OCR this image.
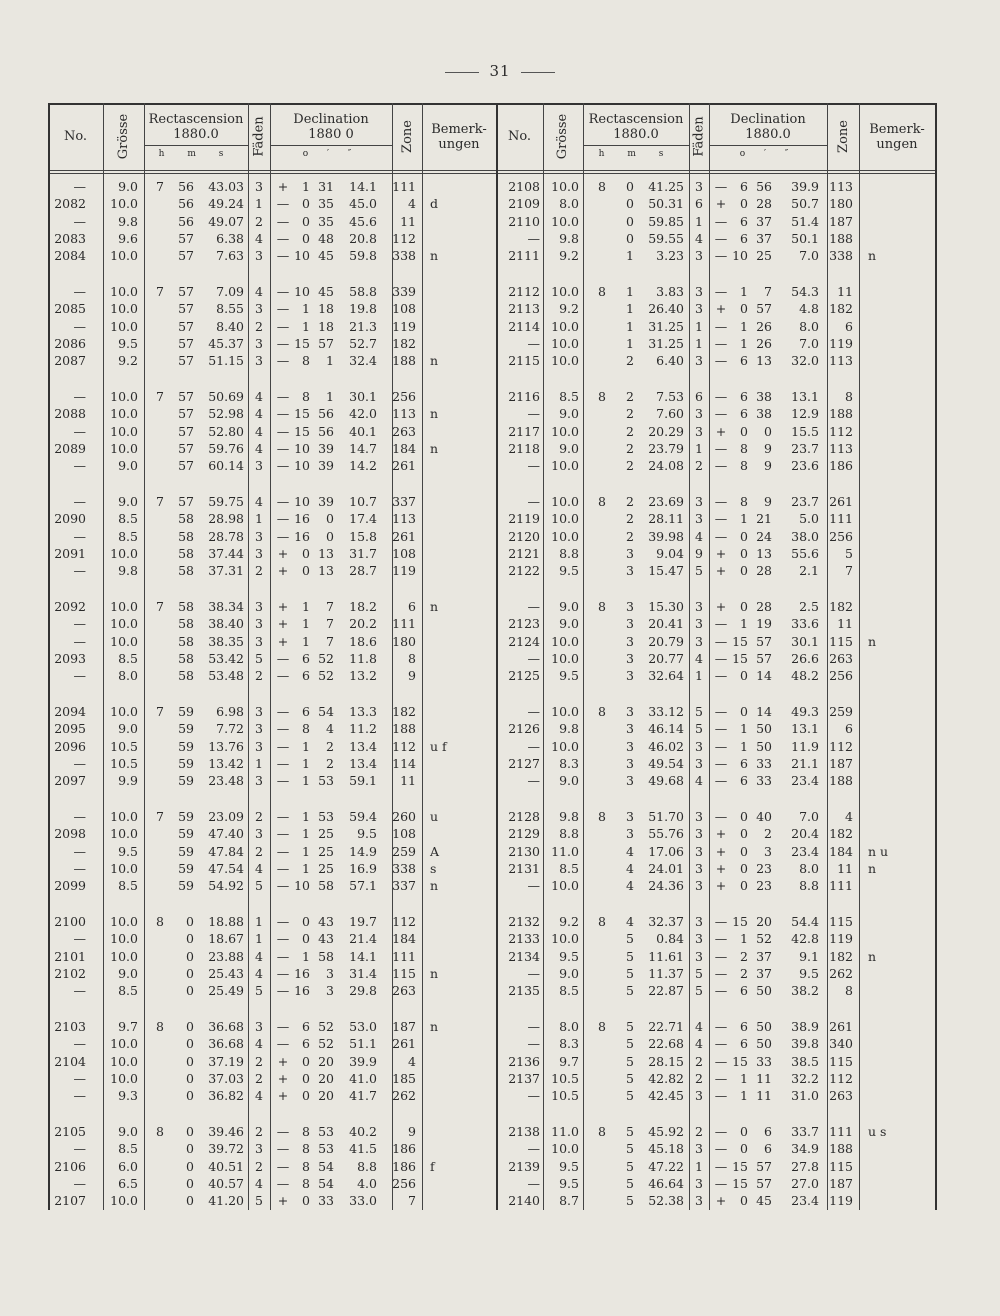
31
No. Grösse Rectascension
1880.0
h m s	Fäden Declination
1880 0
o ′ ″
Zone Bemerk-
ungen No. Grösse Rectascension
1880.0
h m s	Fäden Declination
1880.0
o ′ ″
Zone Bemerk-
ungen
—	9.0	7	56	43.03 3	+	1 31	14.1	111
2082	10.0	56	49.24 1	—	0 35	45.0	4 d
—	9.8	56	49.07 2	—	0 35	45.6	11
2083	9.6	57	6.38 4	—	0 48	20.8	112
2084	10.0	57	7.63 3	— 10 45	59.8	338 n
—	10.0	7	57	7.09 4	— 10 45	58.8	339
2085	10.0	57	8.55 3	—	1 18	19.8	108
—	10.0	57	8.40 2	—	1 18	21.3	119
2086	9.5	57	45.37 3	— 15 57	52.7	182
2087	9.2	57	51.15 3	—	8	1	32.4	188 n
—	10.0	7	57	50.69 4	—	8	1	30.1	256
2088	10.0	57	52.98 4	— 15 56	42.0	113 n
—	10.0	57	52.80 4	— 15 56	40.1	263
2089	10.0	57	59.76 4	— 10 39	14.7	184 n
—	9.0	57	60.14 3	— 10 39	14.2	261
—	9.0	7	57	59.75 4	— 10 39	10.7	337
2090	8.5	58	28.98 1	— 16	0	17.4	113
—	8.5	58	28.78 3	— 16	0	15.8	261
2091	10.0	58	37.44 3	+	0 13	31.7	108
—	9.8	58	37.31 2	+	0 13	28.7	119
2092	10.0	7	58	38.34 3	+	1	7	18.2	6 n
—	10.0	58	38.40 3	+	1	7	20.2	111
—	10.0	58	38.35 3	+	1	7	18.6	180
2093	8.5	58	53.42 5	—	6 52	11.8	8
—	8.0	58	53.48 2	—	6 52	13.2	9
2094	10.0	7	59	6.98 3	—	6 54	13.3	182
2095	9.0	59	7.72 3	—	8	4	11.2	188
2096	10.5	59	13.76 3	—	1	2	13.4	112 u f
—	10.5	59	13.42 1	—	1	2	13.4	114
2097	9.9	59	23.48 3	—	1 53	59.1	11
—	10.0	7	59	23.09 2	—	1 53	59.4	260 u
2098	10.0	59	47.40 3	—	1 25	9.5	108
—	9.5	59	47.84 2	—	1 25	14.9	259 A
—	10.0	59	47.54 4	—	1 25	16.9	338 s
2099	8.5	59	54.92 5	— 10 58	57.1	337 n
2100	10.0	8	0	18.88 1	—	0 43	19.7	112
—	10.0	0	18.67 1	—	0 43	21.4	184
2101	10.0	0	23.88 4	—	1 58	14.1	111
2102	9.0	0	25.43 4	— 16	3	31.4	115 n
—	8.5	0	25.49 5	— 16	3	29.8	263
2103	9.7	8	0	36.68 3	—	6 52	53.0	187 n
—	10.0	0	36.68 4	—	6 52	51.1	261
2104	10.0	0	37.19 2	+	0 20	39.9	4
—	10.0	0	37.03 2	+	0 20	41.0	185
—	9.3	0	36.82 4	+	0 20	41.7	262
2105	9.0	8	0	39.46 2	—	8 53	40.2	9
—	8.5	0	39.72 3	—	8 53	41.5	186
2106	6.0	0	40.51 2	—	8 54	8.8	186 f
—	6.5	0	40.57 4	—	8 54	4.0	256
2107	10.0	0	41.20 5	+	0 33	33.0	7
2108 10.0	8	0	41.25 3 —	6 56	39.9 113
2109	8.0	0	50.31 6	+	0 28	50.7 180
2110 10.0	0	59.85 1 —	6 37	51.4 187
—	9.8	0	59.55 4 —	6 37	50.1 188
2111	9.2	1	3.23 3 — 10 25	7.0 338 n
2112 10.0	8	1	3.83 3 —	1	7	54.3	11
2113	9.2	1	26.40 3	+	0 57	4.8 182
2114 10.0	1	31.25 1 —	1 26	8.0	6
— 10.0	1	31.25 1 —	1 26	7.0 119
2115 10.0	2	6.40 3 —	6 13	32.0 113
2116	8.5	8	2	7.53 6 —	6 38	13.1	8
—	9.0	2	7.60 3 —	6 38	12.9 188
2117 10.0	2	20.29 3	+	0	0	15.5 112
2118	9.0	2	23.79 1 —	8	9	23.7 113
— 10.0	2	24.08 2 —	8	9	23.6 186
— 10.0	8	2	23.69 3 —	8	9	23.7 261
2119 10.0	2	28.11 3 —	1 21	5.0 111
2120 10.0	2	39.98 4 —	0 24	38.0 256
2121	8.8	3	9.04 9	+	0 13	55.6	5
2122	9.5	3	15.47 5	+	0 28	2.1	7
—	9.0	8	3	15.30 3	+	0 28	2.5 182
2123	9.0	3	20.41 3 —	1 19	33.6	11
2124 10.0	3	20.79 3 — 15 57	30.1 115 n
— 10.0	3	20.77 4 — 15 57	26.6 263
2125	9.5	3	32.64 1 —	0 14	48.2 256
— 10.0	8	3	33.12 5 —	0 14	49.3 259
2126	9.8	3	46.14 5 —	1 50	13.1	6
— 10.0	3	46.02 3 —	1 50	11.9 112
2127	8.3	3	49.54 3 —	6 33	21.1 187
—	9.0	3	49.68 4 —	6 33	23.4 188
2128	9.8	8	3	51.70 3 —	0 40	7.0	4
2129	8.8	3	55.76 3	+	0	2	20.4 182
2130 11.0	4	17.06 3	+	0	3	23.4 184 n u
2131	8.5	4	24.01 3	+	0 23	8.0	11 n
— 10.0	4	24.36 3	+	0 23	8.8 111
2132	9.2	8	4	32.37 3 — 15 20	54.4 115
2133 10.0	5	0.84 3 —	1 52	42.8 119
2134	9.5	5	11.61 3 —	2 37	9.1 182 n
—	9.0	5	11.37 5 —	2 37	9.5 262
2135	8.5	5	22.87 5 —	6 50	38.2	8
—	8.0	8	5	22.71 4 —	6 50	38.9 261
—	8.3	5	22.68 4 —	6 50	39.8 340
2136	9.7	5	28.15 2 — 15 33	38.5 115
2137 10.5	5	42.82 2 —	1 11	32.2 112
— 10.5	5	42.45 3 —	1 11	31.0 263
2138 11.0	8	5	45.92 2 —	0	6	33.7 111 u s
— 10.0	5	45.18 3 —	0	6	34.9 188
2139	9.5	5	47.22 1 — 15 57	27.8 115
—	9.5	5	46.64 3 — 15 57	27.0 187
2140	8.7	5	52.38 3	+	0 45	23.4 119
